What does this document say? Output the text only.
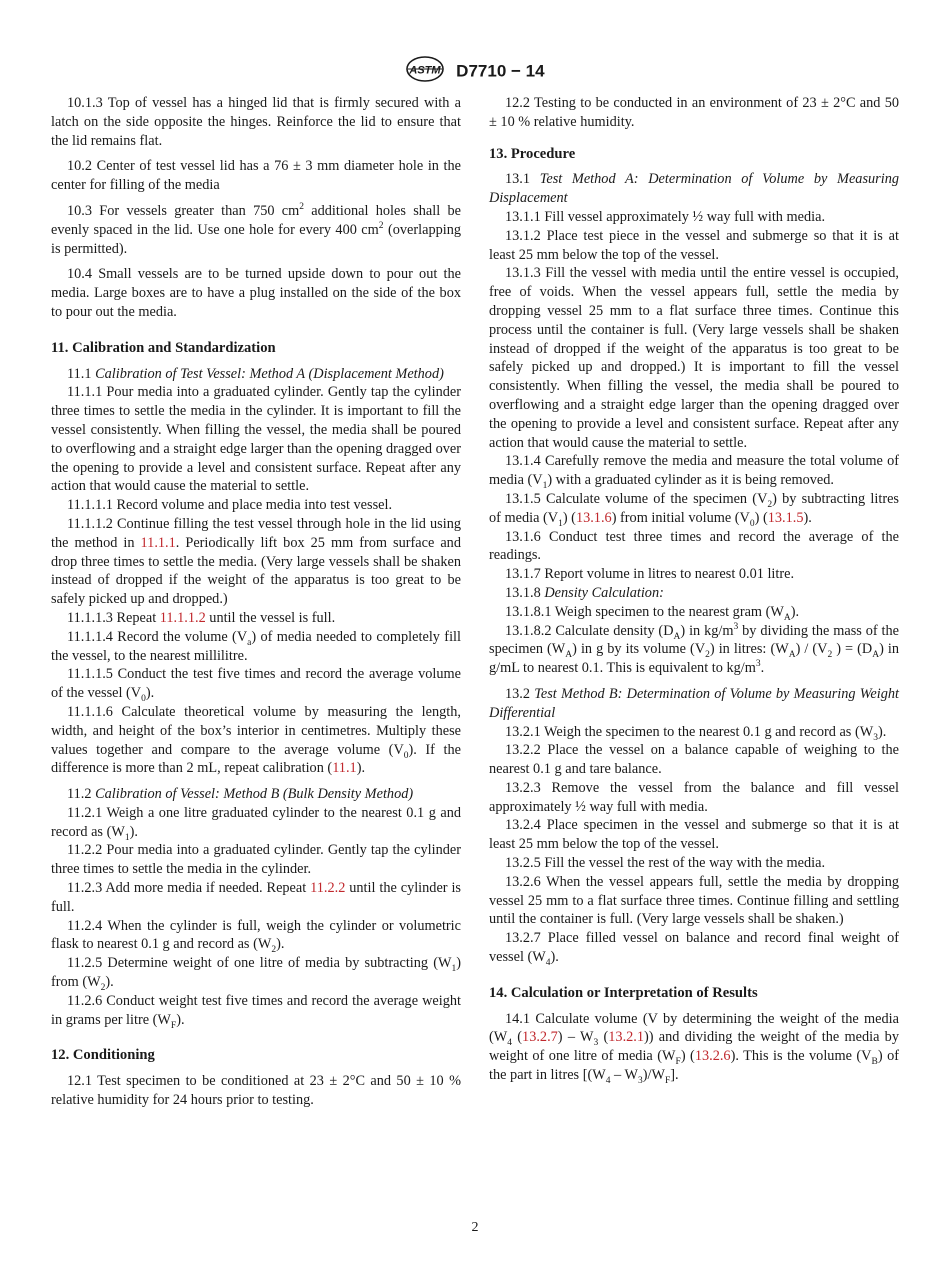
ASTM D7710 − 14

10.1.3 Top of vessel has a hinged lid that is firmly secured with a latch on the side opposite the hinges. Reinforce the lid to ensure that the lid remains flat.

10.2 Center of test vessel lid has a 76 ± 3 mm diameter hole in the center for filling of the media

10.3 For vessels greater than 750 $cm^2$ additional holes shall be evenly spaced in the lid. Use one hole for every 400 $cm^2$ (overlapping is permitted).

10.4 Small vessels are to be turned upside down to pour out the media. Large boxes are to have a plug installed on the side of the box to pour out the media.

11. Calibration and Standardization

11.1 Calibration of Test Vessel: Method A (Displacement Method)

11.1.1 Pour media into a graduated cylinder. Gently tap the cylinder three times to settle the media in the cylinder. It is important to fill the vessel consistently. When filling the vessel, the media shall be poured to overflowing and a straight edge larger than the opening dragged over the opening to provide a level and consistent surface. Repeat after any action that would cause the material to settle.

11.1.1.1 Record volume and place media into test vessel.

11.1.1.2 Continue filling the test vessel through hole in the lid using the method in 11.1.1. Periodically lift box 25 mm from surface and drop three times to settle the media. (Very large vessels shall be shaken instead of dropped if the weight of the apparatus is too great to be safely picked up and dropped.)

11.1.1.3 Repeat 11.1.1.2 until the vessel is full.

11.1.1.4 Record the volume $(V_a)$ of media needed to completely fill the vessel, to the nearest millilitre.

11.1.1.5 Conduct the test five times and record the average volume of the vessel $(V_0)$.

11.1.1.6 Calculate theoretical volume by measuring the length, width, and height of the box’s interior in centimetres. Multiply these values together and compare to the average volume $(V_0)$. If the difference is more than 2 mL, repeat calibration (11.1).

11.2 Calibration of Vessel: Method B (Bulk Density Method)

11.2.1 Weigh a one litre graduated cylinder to the nearest 0.1 g and record as $(W_1)$.

11.2.2 Pour media into a graduated cylinder. Gently tap the cylinder three times to settle the media in the cylinder.

11.2.3 Add more media if needed. Repeat 11.2.2 until the cylinder is full.

11.2.4 When the cylinder is full, weigh the cylinder or volumetric flask to nearest 0.1 g and record as $(W_2)$.

11.2.5 Determine weight of one litre of media by subtracting $(W_1)$ from $(W_2)$.

11.2.6 Conduct weight test five times and record the average weight in grams per litre $(W_F)$.

12. Conditioning

12.1 Test specimen to be conditioned at 23 ± 2°C and 50 ± 10 % relative humidity for 24 hours prior to testing.

12.2 Testing to be conducted in an environment of 23 ± 2°C and 50 ± 10 % relative humidity.

13. Procedure

13.1 Test Method A: Determination of Volume by Measuring Displacement

13.1.1 Fill vessel approximately ½ way full with media.

13.1.2 Place test piece in the vessel and submerge so that it is at least 25 mm below the top of the vessel.

13.1.3 Fill the vessel with media until the entire vessel is occupied, free of voids. When the vessel appears full, settle the media by dropping vessel 25 mm to a flat surface three times. Continue this process until the container is full. (Very large vessels shall be shaken instead of dropped if the weight of the apparatus is too great to be safely picked up and dropped.) It is important to fill the vessel consistently. When filling the vessel, the media shall be poured to overflowing and a straight edge larger than the opening dragged over the opening to provide a level and consistent surface. Repeat after any action that would cause the material to settle.

13.1.4 Carefully remove the media and measure the total volume of media $(V_1)$ with a graduated cylinder as it is being removed.

13.1.5 Calculate volume of the specimen $(V_2)$ by subtracting litres of media $(V_1)$ (13.1.6) from initial volume $(V_0)$ (13.1.5).

13.1.6 Conduct test three times and record the average of the readings.

13.1.7 Report volume in litres to nearest 0.01 litre.

13.1.8 Density Calculation:

13.1.8.1 Weigh specimen to the nearest gram $(W_A)$.

13.1.8.2 Calculate density $(D_A)$ in $kg/m^3$ by dividing the mass of the specimen $(W_A)$ in g by its volume $(V_2)$ in litres: $(W_A) / (V_2$ ) = $(D_A)$ in g/mL to nearest 0.1. This is equivalent to $kg/m^3$.

13.2 Test Method B: Determination of Volume by Measuring Weight Differential

13.2.1 Weigh the specimen to the nearest 0.1 g and record as $(W_3)$.

13.2.2 Place the vessel on a balance capable of weighing to the nearest 0.1 g and tare balance.

13.2.3 Remove the vessel from the balance and fill vessel approximately ½ way full with media.

13.2.4 Place specimen in the vessel and submerge so that it is at least 25 mm below the top of the vessel.

13.2.5 Fill the vessel the rest of the way with the media.

13.2.6 When the vessel appears full, settle the media by dropping vessel 25 mm to a flat surface three times. Continue filling and settling until the container is full. (Very large vessels shall be shaken.)

13.2.7 Place filled vessel on balance and record final weight of vessel $(W_4)$.

14. Calculation or Interpretation of Results

14.1 Calculate volume (V by determining the weight of the media ($W_4$ $(13.2.7) - W_3$ (13.2.1)) and dividing the weight of the media by weight of one litre of media $(W_F)$ (13.2.6). This is the volume $(V_B)$ of the part in litres $[(W_4 - W_3)/W_F]$.

2
